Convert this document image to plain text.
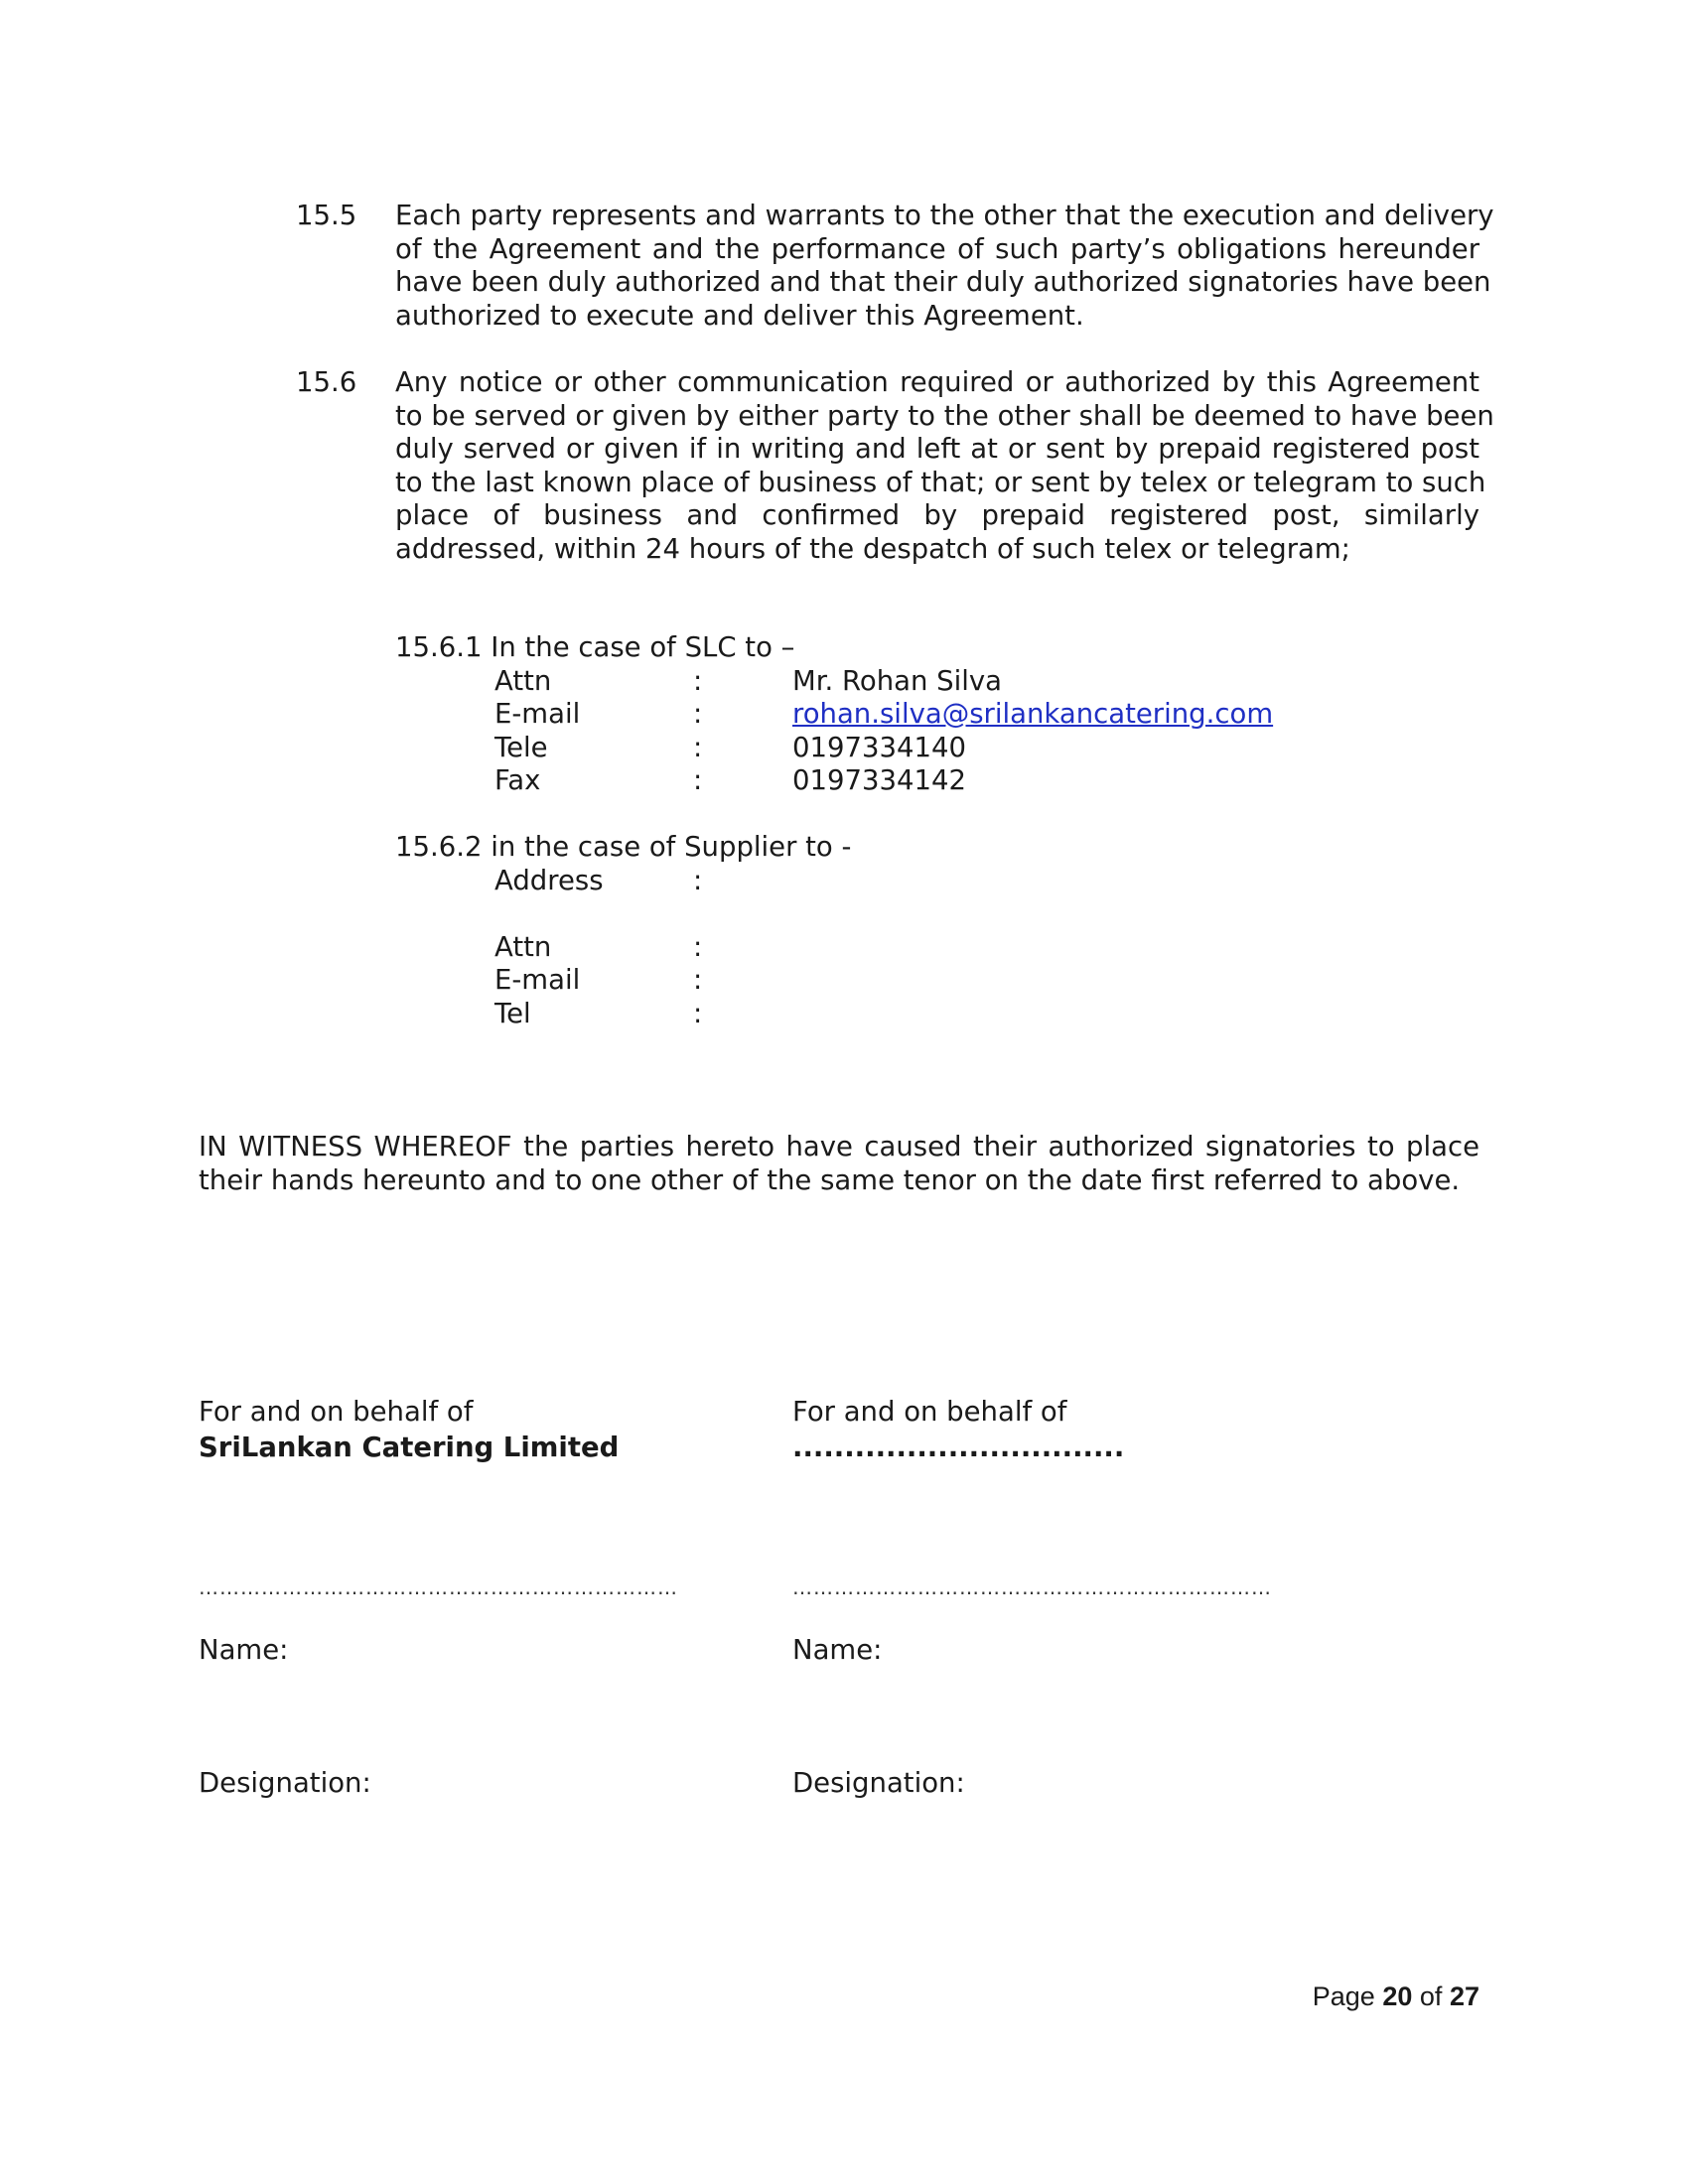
15.5 Each party represents and warrants to the other that the execution and delivery
of the Agreement and the performance of such party’s obligations hereunder
have been duly authorized and that their duly authorized signatories have been
authorized to execute and deliver this Agreement.
15.6 Any notice or other communication required or authorized by this Agreement
to be served or given by either party to the other shall be deemed to have been
duly served or given if in writing and left at or sent by prepaid registered post
to the last known place of business of that; or sent by telex or telegram to such
place of business and confirmed by prepaid registered post, similarly
addressed, within 24 hours of the despatch of such telex or telegram;
15.6.1 In the case of SLC to –
Attn	:	Mr. Rohan Silva
E-mail	:	rohan.silva@srilankancatering.com
Tele	:	0197334140
Fax	:	0197334142
15.6.2 in the case of Supplier to -
Address	:
Attn	:
E-mail	:
Tel	:
IN WITNESS WHEREOF the parties hereto have caused their authorized signatories to place
their hands hereunto and to one other of the same tenor on the date first referred to above.
For and on behalf of
SriLankan Catering Limited
……………………………………………………………
Name:
Designation:
For and on behalf of
................................
……………………………………………………………
Name:
Designation:
Page 20 of 27
